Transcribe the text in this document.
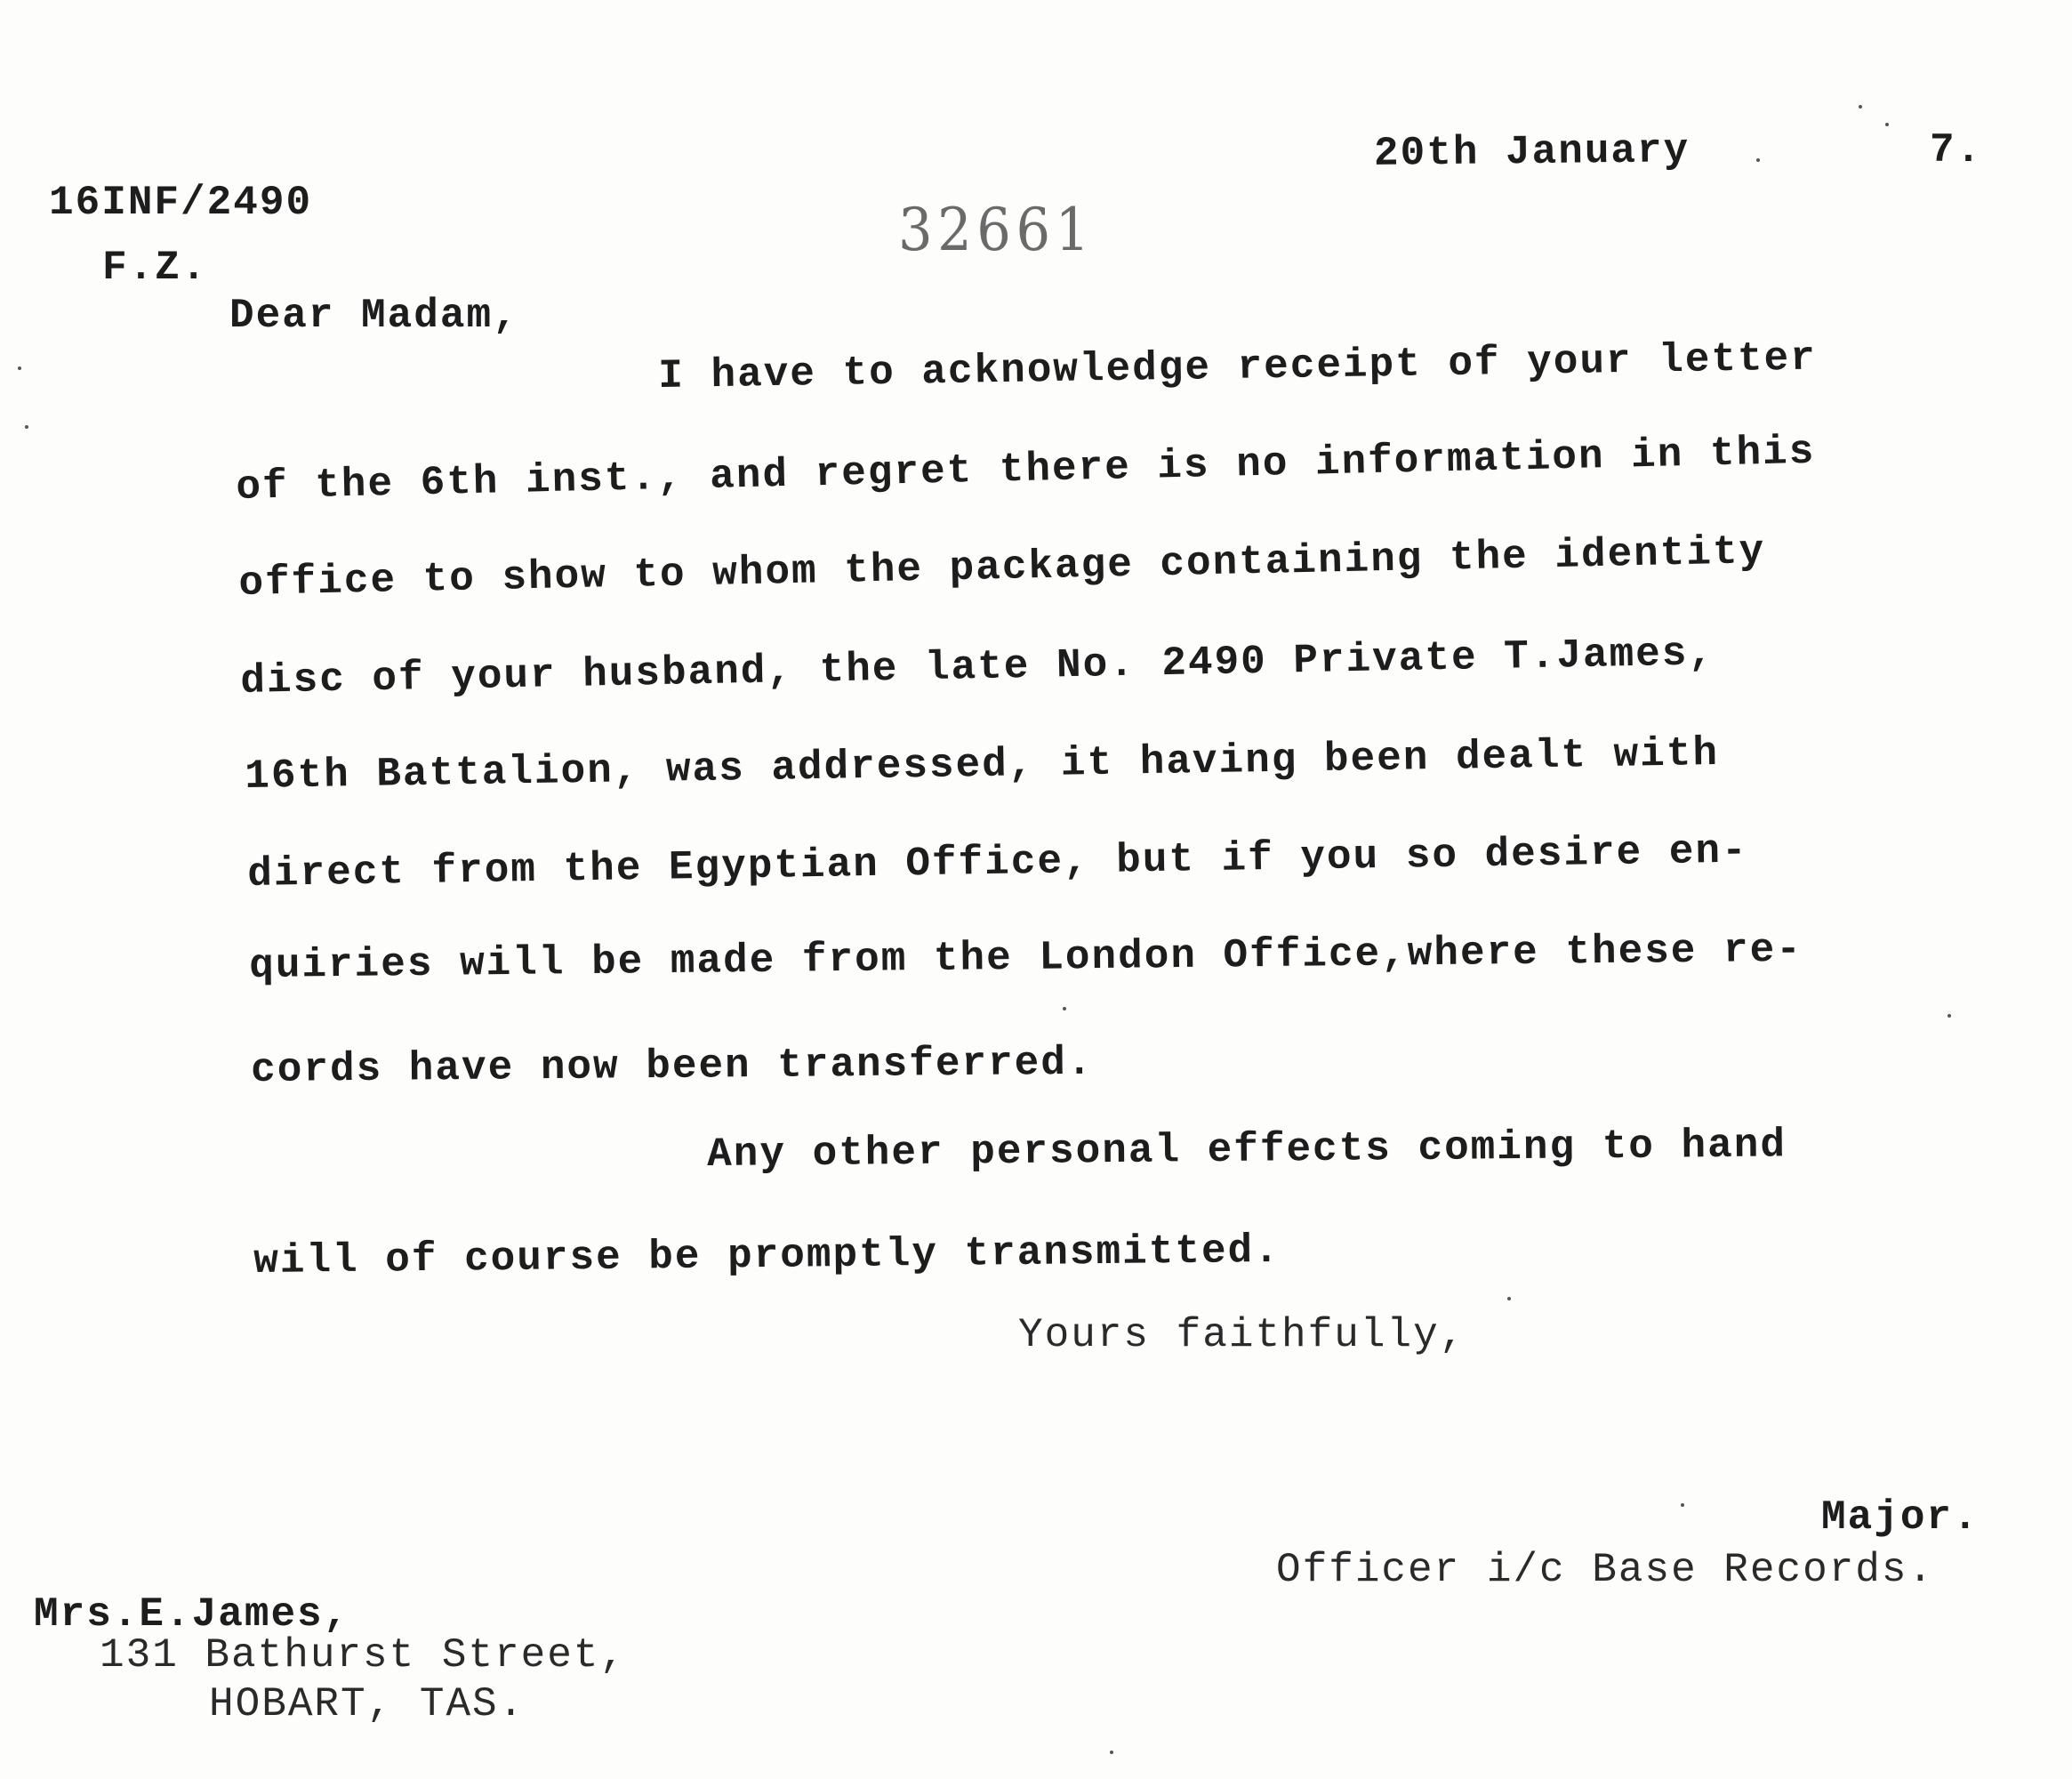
20th January	7.

16INF/2490

F.Z.

32661

Dear Madam,

I have to acknowledge receipt of your letter

of the 6th inst., and regret there is no information in this

office to show to whom the package containing the identity

disc of your husband, the late No. 2490 Private T.James,

16th Battalion, was addressed, it having been dealt with

direct from the Egyptian Office, but if you so desire en-

quiries will be made from the London Office,where these re-

cords have now been transferred.

Any other personal effects coming to hand

will of course be promptly transmitted.

Yours faithfully,

Major.

Officer i/c Base Records.

Mrs.E.James,

131 Bathurst Street,

HOBART, TAS.
